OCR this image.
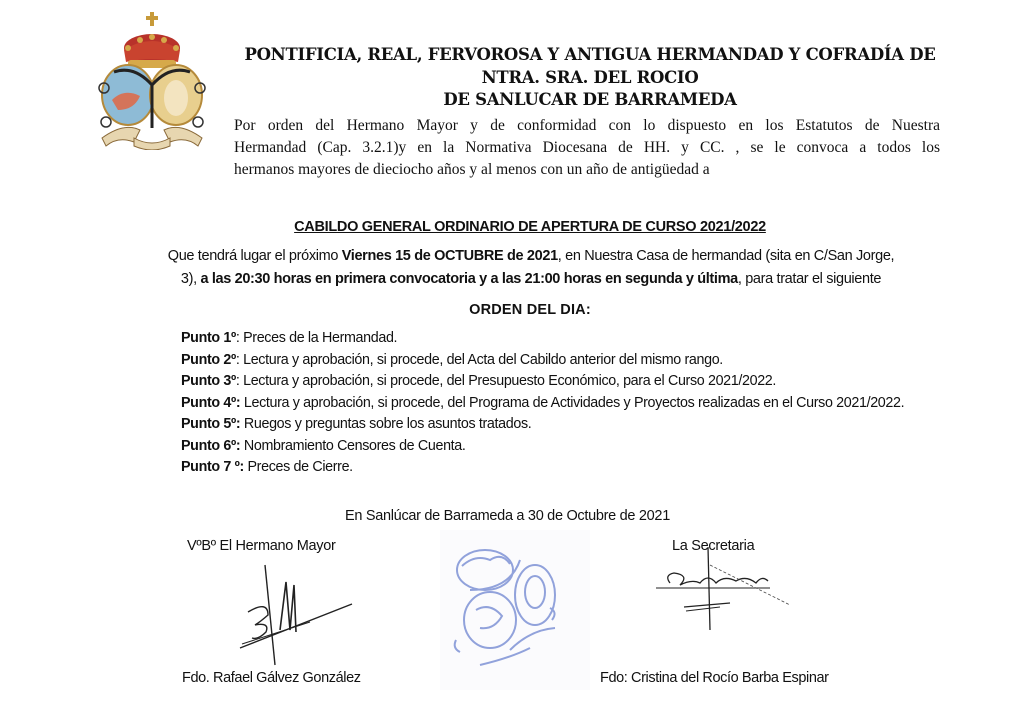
PONTIFICIA, REAL, FERVOROSA Y ANTIGUA HERMANDAD Y COFRADÍA DE
NTRA. SRA. DEL ROCIO
DE SANLUCAR DE BARRAMEDA
Por orden del Hermano Mayor y de conformidad con lo dispuesto en los Estatutos de Nuestra
Hermandad (Cap. 3.2.1)y en la Normativa Diocesana de HH. y CC. , se le convoca a todos los
hermanos mayores de dieciocho años y al menos con un año de antigüedad a
CABILDO GENERAL ORDINARIO DE APERTURA DE CURSO 2021/2022
Que tendrá lugar el próximo Viernes 15 de OCTUBRE de 2021, en Nuestra Casa de hermandad (sita en C/San Jorge,
3), a las 20:30 horas en primera convocatoria y a las 21:00 horas en segunda y última, para tratar el siguiente
ORDEN DEL DIA:
Punto 1º: Preces de la Hermandad.
Punto 2º: Lectura y aprobación, si procede, del Acta del Cabildo anterior del mismo rango.
Punto 3º: Lectura y aprobación, si procede, del Presupuesto Económico, para el Curso 2021/2022.
Punto 4º: Lectura y aprobación, si procede, del Programa de Actividades y Proyectos realizadas en el Curso 2021/2022.
Punto 5º: Ruegos y preguntas sobre los asuntos tratados.
Punto 6º: Nombramiento Censores de Cuenta.
Punto 7 º: Preces de Cierre.
En Sanlúcar de Barrameda a 30 de Octubre de 2021
VºBº El Hermano Mayor	La Secretaria
Fdo. Rafael Gálvez González	Fdo: Cristina del Rocío Barba Espinar
